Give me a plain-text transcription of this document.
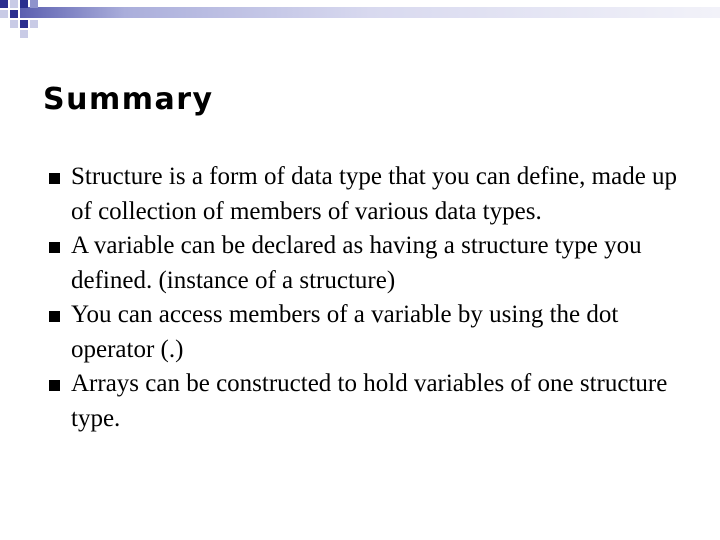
Summary
Structure is a form of data type that you can define, made up of collection of members of various data types.
A variable can be declared as having a structure type you defined. (instance of a structure)
You can access members of a variable by using the dot operator (.)
Arrays can be constructed to hold variables of one structure type.
